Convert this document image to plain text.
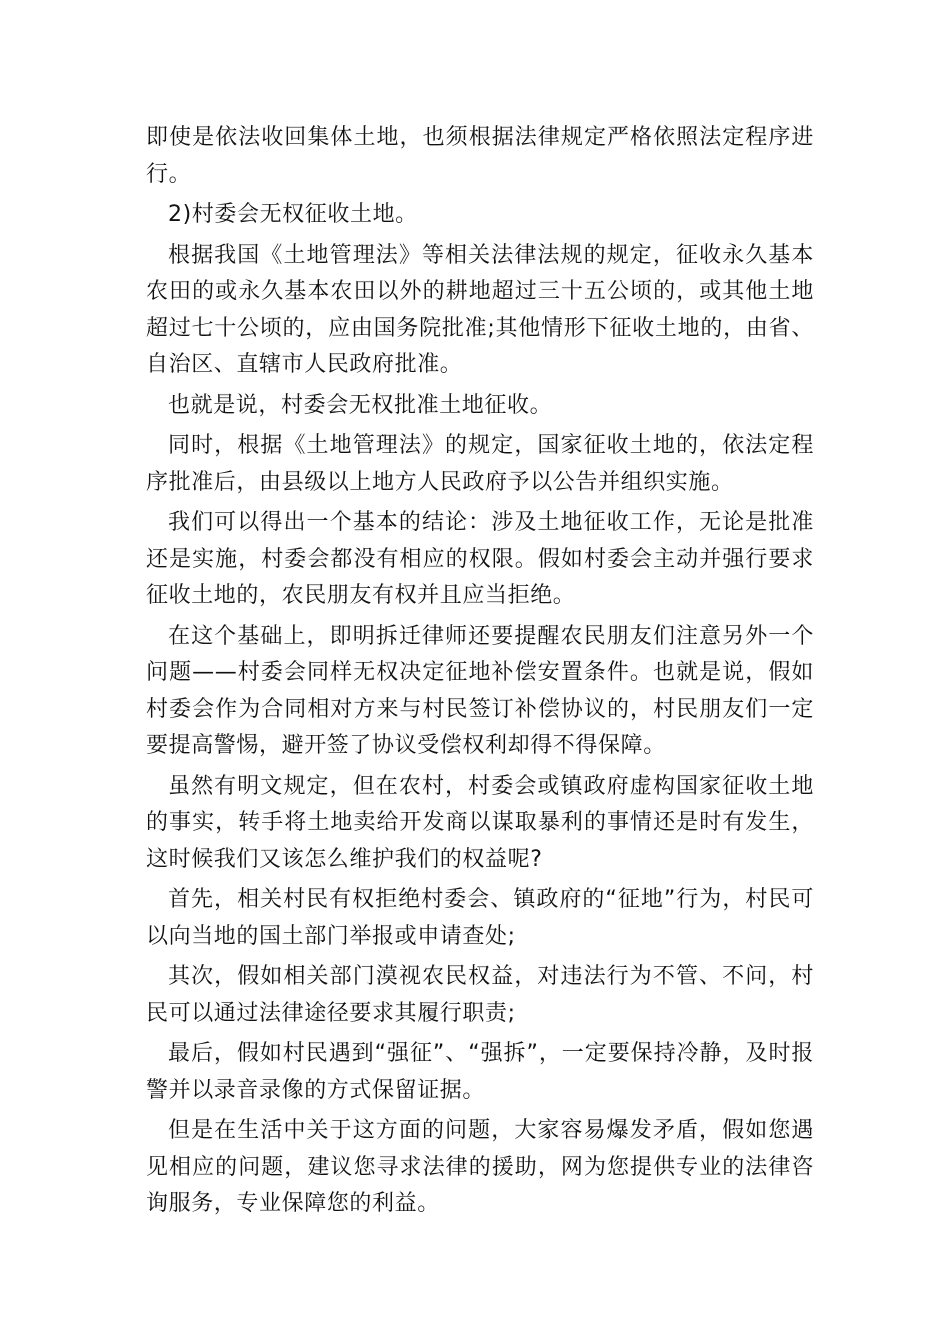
即使是依法收回集体土地，也须根据法律规定严格依照法定程序进行。

2)村委会无权征收土地。

根据我国《土地管理法》等相关法律法规的规定，征收永久基本农田的或永久基本农田以外的耕地超过三十五公顷的，或其他土地超过七十公顷的，应由国务院批准;其他情形下征收土地的，由省、自治区、直辖市人民政府批准。

也就是说，村委会无权批准土地征收。

同时，根据《土地管理法》的规定，国家征收土地的，依法定程序批准后，由县级以上地方人民政府予以公告并组织实施。

我们可以得出一个基本的结论：涉及土地征收工作，无论是批准还是实施，村委会都没有相应的权限。假如村委会主动并强行要求征收土地的，农民朋友有权并且应当拒绝。

在这个基础上，即明拆迁律师还要提醒农民朋友们注意另外一个问题——村委会同样无权决定征地补偿安置条件。也就是说，假如村委会作为合同相对方来与村民签订补偿协议的，村民朋友们一定要提高警惕，避开签了协议受偿权利却得不得保障。

虽然有明文规定，但在农村，村委会或镇政府虚构国家征收土地的事实，转手将土地卖给开发商以谋取暴利的事情还是时有发生，这时候我们又该怎么维护我们的权益呢?

首先，相关村民有权拒绝村委会、镇政府的“征地”行为，村民可以向当地的国土部门举报或申请查处;

其次，假如相关部门漠视农民权益，对违法行为不管、不问，村民可以通过法律途径要求其履行职责;

最后，假如村民遇到“强征”、“强拆”，一定要保持冷静，及时报警并以录音录像的方式保留证据。

但是在生活中关于这方面的问题，大家容易爆发矛盾，假如您遇见相应的问题，建议您寻求法律的援助，网为您提供专业的法律咨询服务，专业保障您的利益。
